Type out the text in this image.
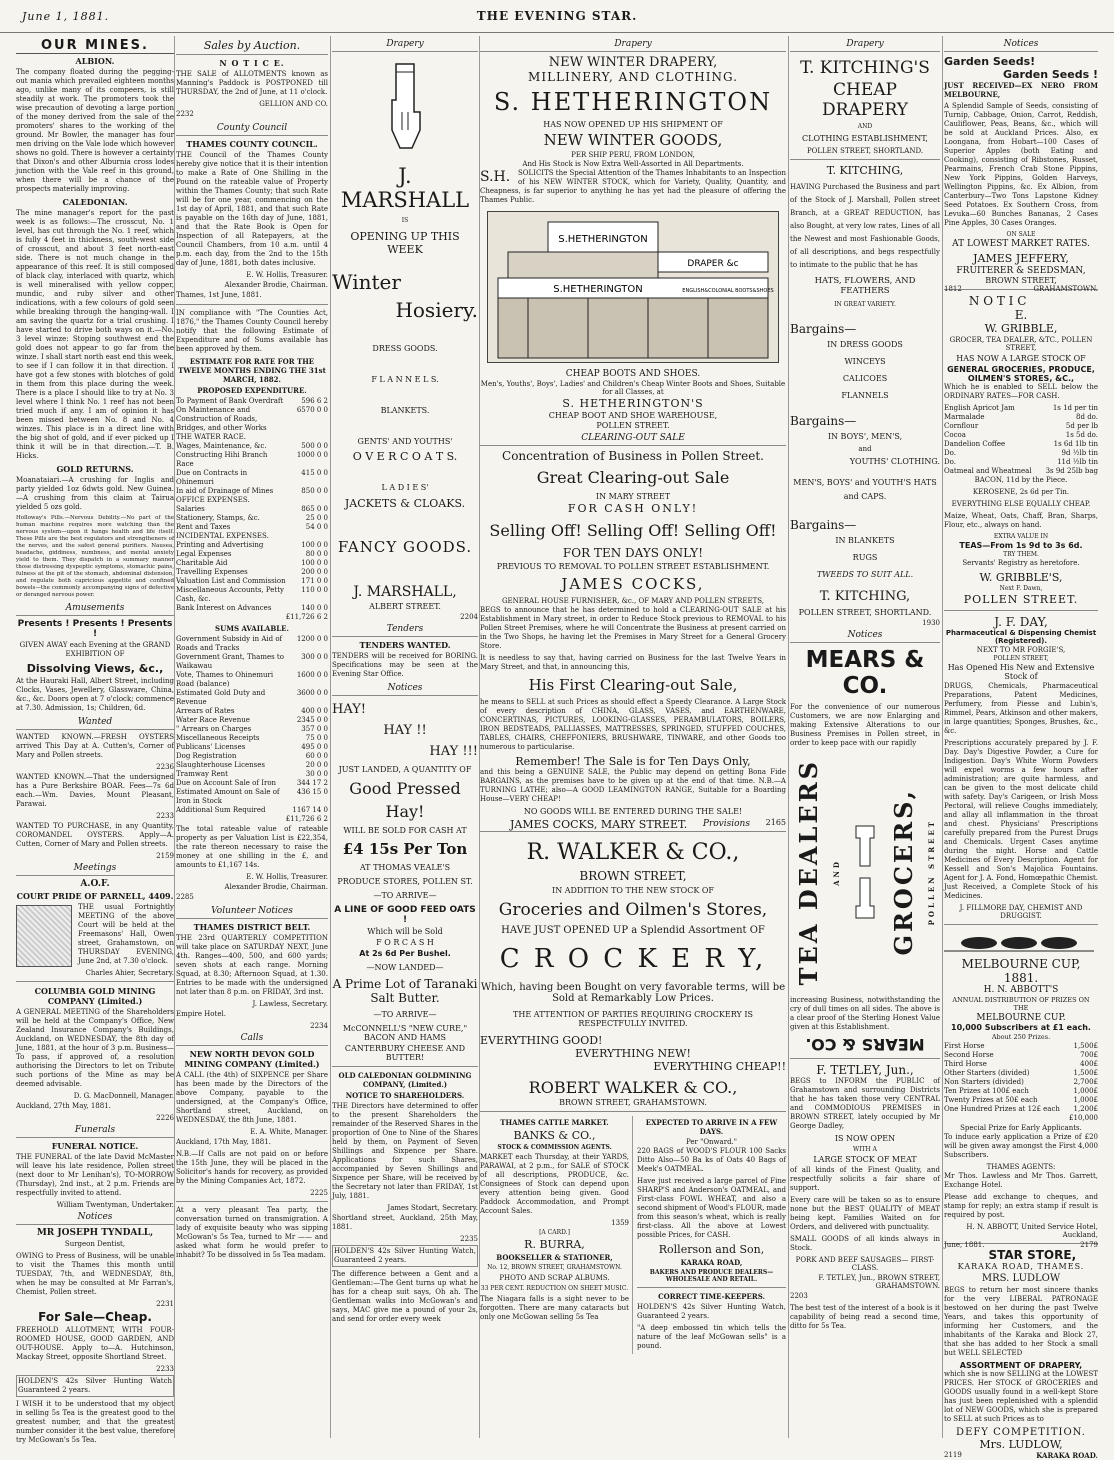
June 1, 1881.	THE EVENING STAR.
OUR MINES.
ALBION.

The company floated during the pegging-out mania which prevailed eighteen months ago, unlike many of its compeers, is still steadily at work. The promoters took the wise precaution of devoting a large portion of the money derived from the sale of the promoters' shares to the working of the ground. Mr Bowler, the manager has four men driving on the Vale lode which however shows no gold. There is however a certainty that Dixon's and other Alburnia cross lodes junction with the Vale reef in this ground, when there will be a chance of the prospects materially improving.

CALEDONIAN.

The mine manager's report for the past week is as follows:—The crosscut, No. 1 level, has cut through the No. 1 reef, which is fully 4 feet in thickness, south-west side of crosscut, and about 3 feet north-east side. There is not much change in the appearance of this reef. It is still composed of black clay, interlaced with quartz, which is well mineralised with yellow copper, mundic, and ruby silver and other indications, with a few colours of gold seen while breaking through the hanging-wall. I am saving the quartz for a trial crushing. I have started to drive both ways on it.—No. 3 level winze: Stoping southwest end the gold does not appear to go far from the winze. I shall start north east end this week, to see if I can follow it in that direction. I have got a few stones with blotches of gold in them from this place during the week. There is a place I should like to try at No. 3 level where I think No. 1 reef has not been tried much if any. I am of opinion it has been missed between No. 8 and No. 4 winzes. This place is in a direct line with the big shot of gold, and if ever picked up I think it will be in that direction.—T. B. Hicks.

GOLD RETURNS.

Moanataiari.—A crushing for Inglis and party yielded 1oz 6dwts gold. New Guinea.—A crushing from this claim at Tairua yielded 5 ozs gold.

Holloway's Pills.—Nervous Debility.—No part of the human machine requires more watching than the nervous system—upon it hangs health and life itself. These Pills are the best regulators and strengtheners of the nerves, and the safest general purifiers. Nausea, headache, giddiness, numbness, and mental anxiety yield to them. They dispatch in a summary manner those distressing dyspeptic symptoms, stomachic pains, fulness at the pit of the stomach, abdominal distension, and regulate both capricious appetite and confined bowels—the commonly accompanying signs of defective or deranged nervous power.

Amusements
Presents ! Presents ! Presents !

GIVEN AWAY each Evening at the GRAND EXHIBITION OF

Dissolving Views, &c.,

At the Hauraki Hall, Albert Street, including Clocks, Vases, Jewellery, Glassware, China, &c., &c. Doors open at 7 o'clock; commence at 7.30. Admission, 1s; Children, 6d.

Wanted

WANTED KNOWN.—FRESH OYSTERS arrived This Day at A. Cutten's, Corner of Mary and Pollen streets.

2236

WANTED KNOWN.—That the undersigned has a Pure Berkshire BOAR. Fees—7s 6d each.—Wm. Davies, Mount Pleasant, Parawai.

2233

WANTED TO PURCHASE, in any Quantity, COROMANDEL OYSTERS. Apply—A. Cutten, Corner of Mary and Pollen streets.

2159
Meetings
A.O.F.
COURT PRIDE OF PARNELL, 4409.

THE usual Fortnightly MEETING of the above Court will be held at the Freemasons' Hall, Owen street, Grahamstown, on THURSDAY EVENING, June 2nd, at 7.30 o'clock.

Charles Ahier, Secretary.
COLUMBIA GOLD MINING COMPANY (Limited.)

A GENERAL MEETING of the Shareholders will be held at the Company's Office, New Zealand Insurance Company's Buildings, Auckland, on WEDNESDAY, the 8th day of June, 1881, at the hour of 3 p.m. Business—To pass, if approved of, a resolution authorising the Directors to let on Tribute such portions of the Mine as may be deemed advisable.

D. G. MacDonnell, Manager.
Auckland, 27th May, 1881.
2226
Funerals
FUNERAL NOTICE.

THE FUNERAL of the late David McMaster will leave his late residence, Pollen street (next door to Mr Lenihan's), TO-MORROW (Thursday), 2nd inst., at 2 p.m. Friends are respectfully invited to attend.

William Twentyman, Undertaker.
Notices
MR JOSEPH TYNDALL,
Surgeon Dentist,

OWING to Press of Business, will be unable to visit the Thames this month until TUESDAY, 7th, and WEDNESDAY, 8th, when he may be consulted at Mr Farran's, Chemist, Pollen street.

2231
For Sale—Cheap.

FREEHOLD ALLOTMENT, WITH FOUR-ROOMED HOUSE, GOOD GARDEN, AND OUT-HOUSE. Apply to—A. Hutchinson, Mackay Street, opposite Shortland Street.

2233

HOLDEN'S 42s Silver Hunting Watch Guaranteed 2 years.

I WISH it to be understood that my object in selling 5s Tea is the greatest good to the greatest number, and that the greatest number consider it the best value, therefore try McGowan's 5s Tea.

Sales by Auction.
N O T I C E.

THE SALE of ALLOTMENTS known as Manning's Paddock is POSTPONED till THURSDAY, the 2nd of June, at 11 o'clock.

GELLION AND CO.
2232
County Council
THAMES COUNTY COUNCIL.

THE Council of the Thames County hereby give notice that it is their intention to make a Rate of One Shilling in the Pound on the rateable value of Property within the Thames County; that such Rate will be for one year, commencing on the 1st day of April, 1881, and that such Rate is payable on the 16th day of June, 1881, and that the Rate Book is Open for Inspection of all Ratepayers, at the Council Chambers, from 10 a.m. until 4 p.m. each day, from the 2nd to the 15th day of June, 1881, both dates inclusive.

E. W. Hollis, Treasurer.
Alexander Brodie, Chairman.
Thames, 1st June, 1881.

IN compliance with "The Counties Act, 1876," the Thames County Council hereby notify that the following Estimate of Expenditure and of Sums available has been approved by them.

ESTIMATE FOR RATE FOR THE TWELVE MONTHS ENDING THE 31st MARCH, 1882.
PROPOSED EXPENDITURE.
To Payment of Bank Overdraft	596 6 2
On Maintenance and Construction of Roads, Bridges, and other Works	6570 0 0
THE WATER RACE.	
Wages, Maintenance, &c.	500 0 0
Constructing Hihi Branch Race	1000 0 0
Due on Contracts in Ohinemuri	415 0 0
In aid of Drainage of Mines	850 0 0
OFFICE EXPENSES.	
Salaries	865 0 0
Stationery, Stamps, &c.	25 0 0
Rent and Taxes	54 0 0
INCIDENTAL EXPENSES.	
Printing and Advertising	100 0 0
Legal Expenses	80 0 0
Charitable Aid	100 0 0
Travelling Expenses	200 0 0
Valuation List and Commission	171 0 0
Miscellaneous Accounts, Petty Cash, &c.	110 0 0
Bank Interest on Advances	140 0 0
	£11,726 6 2
SUMS AVAILABLE.
Government Subsidy in Aid of Roads and Tracks	1200 0 0
Government Grant, Thames to Waikawau	300 0 0
Vote, Thames to Ohinemuri Road (balance)	1600 0 0
Estimated Gold Duty and Revenue	3600 0 0
Arrears of Rates	400 0 0
Water Race Revenue	2345 0 0
" Arrears on Charges	357 0 0
Miscellaneous Receipts	75 0 0
Publicans' Licenses	495 0 0
Dog Registration	60 0 0
Slaughterhouse Licenses	20 0 0
Tramway Rent	30 0 0
Due on Account Sale of Iron	344 17 2
Estimated Amount on Sale of Iron in Stock	436 15 0
Additional Sum Required	1167 14 0
£11,726 6 2

The total rateable value of rateable property as per Valuation List is £22,354, the rate thereon necessary to raise the money at one shilling in the £, and amounts to £1,167 14s.

E. W. Hollis, Treasurer.
Alexander Brodie, Chairman.
2285
Volunteer Notices
THAMES DISTRICT BELT.

THE 23rd QUARTERLY COMPETITION will take place on SATURDAY NEXT, June 4th. Ranges—400, 500, and 600 yards; seven shots at each range. Morning Squad, at 8.30; Afternoon Squad, at 1.30. Entries to be made with the undersigned not later than 8 p.m. on FRIDAY, 3rd inst.

J. Lawless, Secretary.
Empire Hotel.
2234
Calls
NEW NORTH DEVON GOLD MINING COMPANY (Limited.)

A CALL (the 4th) of SIXPENCE per Share has been made by the Directors of the above Company, payable to the undersigned, at the Company's Office, Shortland street, Auckland, on WEDNESDAY, the 8th June, 1881.

E. A. White, Manager.
Auckland, 17th May, 1881.

N.B.—If Calls are not paid on or before the 15th June, they will be placed in the Solicitor's hands for recovery, as provided by the Mining Companies Act, 1872.

2225

At a very pleasant Tea party, the conversation turned on transmigration. A lady of exquisite beauty who was sipping McGowan's 5s Tea, turned to Mr —— and asked what form he would prefer to inhabit? To be dissolved in 5s Tea madam.

Drapery
J. MARSHALL
IS
OPENING UP THIS WEEK
Winter
Hosiery.
DRESS GOODS.
F L A N N E L S.
BLANKETS.
GENTS' AND YOUTHS'
O V E R C O A T S.
L A D I E S'
JACKETS & CLOAKS.
FANCY GOODS.
J. MARSHALL,
ALBERT STREET.
2204
Tenders
TENDERS WANTED.

TENDERS will be received for BORING. Specifications may be seen at the Evening Star Office.

Notices
HAY!
HAY !!
HAY !!!
JUST LANDED, A QUANTITY OF
Good Pressed
Hay!
WILL BE SOLD FOR CASH AT
£4 15s Per Ton
AT THOMAS VEALE'S
PRODUCE STORES, POLLEN ST.
—TO ARRIVE—
A LINE OF GOOD FEED OATS !
Which will be Sold
F O R C A S H
At 2s 6d Per Bushel.
—NOW LANDED—
A Prime Lot of Taranaki Salt Butter.
—TO ARRIVE—
McCONNELL'S "NEW CURE," BACON AND HAMS
CANTERBURY CHEESE AND BUTTER!
OLD CALEDONIAN GOLDMINING COMPANY, (Limited.)
NOTICE TO SHAREHOLDERS.

THE Directors have determined to offer to the present Shareholders the remainder of the Reserved Shares in the proportion of One to Nine of the Shares held by them, on Payment of Seven Shillings and Sixpence per Share. Applications for such Shares, accompanied by Seven Shillings and Sixpence per Share, will be received by the Secretary not later than FRIDAY, 1st July, 1881.

James Stodart, Secretary.
Shortland street, Auckland, 25th May, 1881.
2235

HOLDEN'S 42s Silver Hunting Watch, Guaranteed 2 years.

The difference between a Gent and a Gentleman:—The Gent turns up what he has for a cheap suit says, Oh ah. The Gentleman walks into McGowan's and says, MAC give me a pound of your 2s, and send for order every week

Drapery
NEW WINTER DRAPERY,
MILLINERY, AND CLOTHING.
S. HETHERINGTON
HAS NOW OPENED UP HIS SHIPMENT OF
NEW WINTER GOODS,
PER SHIP PERU, FROM LONDON,
And His Stock is Now Extra Well-Assorted in All Departments.
S.H.	SOLICITS the Special Attention of the Thames Inhabitants to an Inspection of his NEW WINTER STOCK, which for Variety, Quality, Quantity, and Cheapness, is far superior to anything he has yet had the pleasure of offering the Thames Public.

S.HETHERINGTON
DRAPER &c
S.HETHERINGTON	ENGLISH&COLONIAL BOOTS&SHOES
CHEAP BOOTS AND SHOES.
Men's, Youths', Boys', Ladies' and Children's Cheap Winter Boots and Shoes, Suitable for all Classes, at
S. HETHERINGTON'S
CHEAP BOOT AND SHOE WAREHOUSE,
POLLEN STREET.
CLEARING-OUT SALE
Concentration of Business in Pollen Street.
Great Clearing-out Sale
IN MARY STREET
FOR CASH ONLY!
Selling Off! Selling Off! Selling Off!
FOR TEN DAYS ONLY!
PREVIOUS TO REMOVAL TO POLLEN STREET ESTABLISHMENT.
JAMES COCKS,
GENERAL HOUSE FURNISHER, &c., OF MARY AND POLLEN STREETS,

BEGS to announce that he has determined to hold a CLEARING-OUT SALE at his Establishment in Mary street, in order to Reduce Stock previous to REMOVAL to his Pollen Street Premises, where he will Concentrate the Business at present carried on in the Two Shops, he having let the Premises in Mary Street for a General Grocery Store.

It is needless to say that, having carried on Business for the last Twelve Years in Mary Street, and that, in announcing this,

His First Clearing-out Sale,

he means to SELL at such Prices as should effect a Speedy Clearance. A Large Stock of every description of CHINA, GLASS, VASES, and EARTHENWARE, CONCERTINAS, PICTURES, LOOKING-GLASSES, PERAMBULATORS, BOILERS, IRON BEDSTEADS, PALLIASSES, MATTRESSES, SPRINGED, STUFFED COUCHES, TABLES, CHAIRS, CHEFFONIERS, BRUSHWARE, TINWARE, and other Goods too numerous to particularise.

Remember! The Sale is for Ten Days Only,

and this being a GENUINE SALE, the Public may depend on getting Bona Fide BARGAINS, as the premises have to be given up at the end of that time. N.B.—A TURNING LATHE; also—A GOOD LEAMINGTON RANGE, Suitable for a Boarding House—VERY CHEAP!

NO GOODS WILL BE ENTERED DURING THE SALE!
JAMES COCKS, MARY STREET.	2165
Provisions
R. WALKER & CO.,
BROWN STREET,
IN ADDITION TO THE NEW STOCK OF
Groceries and Oilmen's Stores,
HAVE JUST OPENED UP a Splendid Assortment OF
C R O C K E R Y,
Which, having been Bought on very favorable terms, will be Sold at Remarkably Low Prices.
THE ATTENTION OF PARTIES REQUIRING CROCKERY IS RESPECTFULLY INVITED.
EVERYTHING GOOD!
EVERYTHING NEW!
EVERYTHING CHEAP!!
ROBERT WALKER & CO.,
BROWN STREET, GRAHAMSTOWN.
THAMES CATTLE MARKET.
BANKS & CO.,
STOCK & COMMISSION AGENTS.

MARKET each Thursday, at their YARDS, PARAWAI, at 2 p.m., for SALE of STOCK of all descriptions, PRODUCE, &c. Consignees of Stock can depend upon every attention being given. Good Paddock Accommodation, and Prompt Account Sales.

1359
[A CARD.]
R. BURRA,
BOOKSELLER & STATIONER,
No. 12, BROWN STREET, GRAHAMSTOWN.
PHOTO AND SCRAP ALBUMS.
33 PER CENT. REDUCTION ON SHEET MUSIC.

The Niagara falls is a sight never to be forgotten. There are many cataracts but only one McGowan selling 5s Tea

EXPECTED TO ARRIVE IN A FEW DAYS.
Per "Onward."

220 BAGS of WOOD'S FLOUR 100 Sacks Ditto Also—50 Ba ks of Oats 40 Bags of Meek's OATMEAL.

Have just received a large parcel of Fine SHARP'S and Anderson's OATMEAL, and First-class FOWL WHEAT, and also a second shipment of Wood's FLOUR, made from this season's wheat, which is really first-class. All the above at Lowest possible Prices, for CASH.

Rollerson and Son,
KARAKA ROAD,
BAKERS AND PRODUCE DEALERS— WHOLESALE AND RETAIL.
CORRECT TIME-KEEPERS.

HOLDEN'S 42s Silver Hunting Watch, Guaranteed 2 years.

"A deep embossed tin which tells the nature of the leaf McGowan sells" is a pound.

Drapery
T. KITCHING'S
CHEAP DRAPERY
AND
CLOTHING ESTABLISHMENT,
POLLEN STREET, SHORTLAND.
T. KITCHING,

HAVING Purchased the Business and part of the Stock of J. Marshall, Pollen street Branch, at a GREAT REDUCTION, has also Bought, at very low rates, Lines of all the Newest and most Fashionable Goods, of all descriptions, and begs respectfully to intimate to the public that he has

HATS, FLOWERS, AND FEATHERS
IN GREAT VARIETY.
Bargains—
IN DRESS GOODS
WINCEYS
CALICOES
FLANNELS
Bargains—
IN BOYS', MEN'S,
and
YOUTHS' CLOTHING.
MEN'S, BOYS' and YOUTH'S HATS and CAPS.
Bargains—
IN BLANKETS
RUGS
TWEEDS TO SUIT ALL.
T. KITCHING,
POLLEN STREET, SHORTLAND.
1930
Notices
MEARS & CO.

For the convenience of our numerous Customers, we are now Enlarging and making Extensive Alterations to our Business Premises in Pollen street, in order to keep pace with our rapidly

TEA DEALERS AND GROCERS, POLLEN STREET

increasing Business, notwithstanding the cry of dull times on all sides. The above is a clear proof of the Sterling Honest Value given at this Establishment.

MEARS & CO.
F. TETLEY, Jun.,

BEGS to INFORM the PUBLIC of Grahamstown and surrounding Districts that he has taken those very CENTRAL and COMMODIOUS PREMISES in BROWN STREET, lately occupied by Mr George Dadley,

IS NOW OPEN
WITH A
LARGE STOCK OF MEAT

of all kinds of the Finest Quality, and respectfully solicits a fair share of support.

Every care will be taken so as to ensure none but the BEST QUALITY of MEAT being kept. Families Waited on for Orders, and delivered with punctuality.

SMALL GOODS of all kinds always in Stock.

PORK AND BEEF SAUSAGES— FIRST-CLASS.
F. TETLEY, Jun., BROWN STREET, GRAHAMSTOWN.
2203

The best test of the interest of a book is it capability of being read a second time, ditto for 5s Tea.

Notices
Garden Seeds!
Garden Seeds !
JUST RECEIVED—EX NERO FROM MELBOURNE,

A Splendid Sample of Seeds, consisting of Turnip, Cabbage, Onion, Carrot, Reddish, Cauliflower, Peas, Beans, &c., which will be sold at Auckland Prices. Also, ex Loongana, from Hobart—100 Cases of Superior Apples (both Eating and Cooking), consisting of Ribstones, Russet, Pearmains, French Crab Stone Pippins, New York Pippins, Golden Harveys, Wellington Pippins, &c. Ex Albion, from Canterbury—Two Tons Lapstone Kidney Seed Potatoes. Ex Southern Cross, from Levuka—60 Bunches Bananas, 2 Cases Pine Apples, 30 Cases Oranges.

ON SALE
AT LOWEST MARKET RATES.
JAMES JEFFERY,
FRUITERER & SEEDSMAN,
BROWN STREET,
1812	GRAHAMSTOWN.
N O T I C E.
W. GRIBBLE,
GROCER, TEA DEALER, &TC., POLLEN STREET,
HAS NOW A LARGE STOCK OF
GENERAL GROCERIES, PRODUCE, OILMEN'S STORES, &C.,

Which he is enabled to SELL below the ORDINARY RATES—FOR CASH.

English Apricot Jam	1s 1d per tin
Marmalade	8d do.
Cornflour	5d per lb
Cocoa	1s 5d do.
Dandelion Coffee	1s 6d 1lb tin
Do.	9d ½lb tin
Do.	11d ½lb tin
Oatmeal and Wheatmeal	3s 9d 25lb bag
BACON, 11d by the Piece.
KEROSENE, 2s 6d per Tin.
EVERYTHING ELSE EQUALLY CHEAP.

Maize, Wheat, Oats, Chaff, Bran, Sharps, Flour, etc., always on hand.

EXTRA VALUE IN
TEAS—From 1s 9d to 3s 6d.
TRY THEM.
Servants' Registry as heretofore.
W. GRIBBLE'S,
Next F. Dawn,
POLLEN STREET.
J. F. DAY,
Pharmaceutical & Dispensing Chemist (Registered).
NEXT TO MR FORGIE'S,
POLLEN STREET,
Has Opened His New and Extensive Stock of

DRUGS, Chemicals, Pharmaceutical Preparations, Patent Medicines, Perfumery, from Piesse and Lubin's, Rimmel, Pears, Atkinson and other makers, in large quantities; Sponges, Brushes, &c., &c.

Prescriptions accurately prepared by J. F. Day. Day's Digestive Powder, a Cure for Indigestion. Day's White Worm Powders will expel worms a few hours after administration; are quite harmless, and can be given to the most delicate child with safety. Day's Carigeen, or Irish Moss Pectoral, will relieve Coughs immediately, and allay all inflammation in the throat and chest. Physicians' Prescriptions carefully prepared from the Purest Drugs and Chemicals. Urgent Cases anytime during the night. Horse and Cattle Medicines of Every Description. Agent for Kessell and Son's Majolica Fountains. Agent for J. A. Fond, Homœpathic Chemist. Just Received, a Complete Stock of his Medicines.

J. FILLMORE DAY, CHEMIST AND DRUGGIST.
MELBOURNE CUP, 1881.
H. N. ABBOTT'S
ANNUAL DISTRIBUTION OF PRIZES ON THE
MELBOURNE CUP.
10,000 Subscribers at £1 each.
About 250 Prizes.
First Horse	1,500£
Second Horse	700£
Third Horse	400£
Other Starters (divided)	1,500£
Non Starters (divided)	2,700£
Ten Prizes at 100£ each	1,000£
Twenty Prizes at 50£ each	1,000£
One Hundred Prizes at 12£ each	1,200£
£10,000
Special Prize for Early Applicants.

To induce early application a Prize of £20 will be given away amongst the First 4,000 Subscribers.

THAMES AGENTS:

Mr Thos. Lawless and Mr Thos. Garrett, Exchange Hotel.

Please add exchange to cheques, and stamp for reply; an extra stamp if result is required by post.

H. N. ABBOTT, United Service Hotel, Auckland,
June, 1881.	2179
STAR STORE,
KARAKA ROAD, THAMES.
MRS. LUDLOW

BEGS to return her most sincere thanks for the very LIBERAL PATRONAGE bestowed on her during the past Twelve Years, and takes this opportunity of informing her Customers, and the inhabitants of the Karaka and Block 27, that she has added to her Stock a small but WELL SELECTED

ASSORTMENT OF DRAPERY,

which she is now SELLING at the LOWEST PRICES. Her STOCK of GROCERIES and GOODS usually found in a well-kept Store has just been replenished with a splendid lot of NEW GOODS, which she is prepared to SELL at such Prices as to

DEFY COMPETITION.
Mrs. LUDLOW,
2119	KARAKA ROAD.
